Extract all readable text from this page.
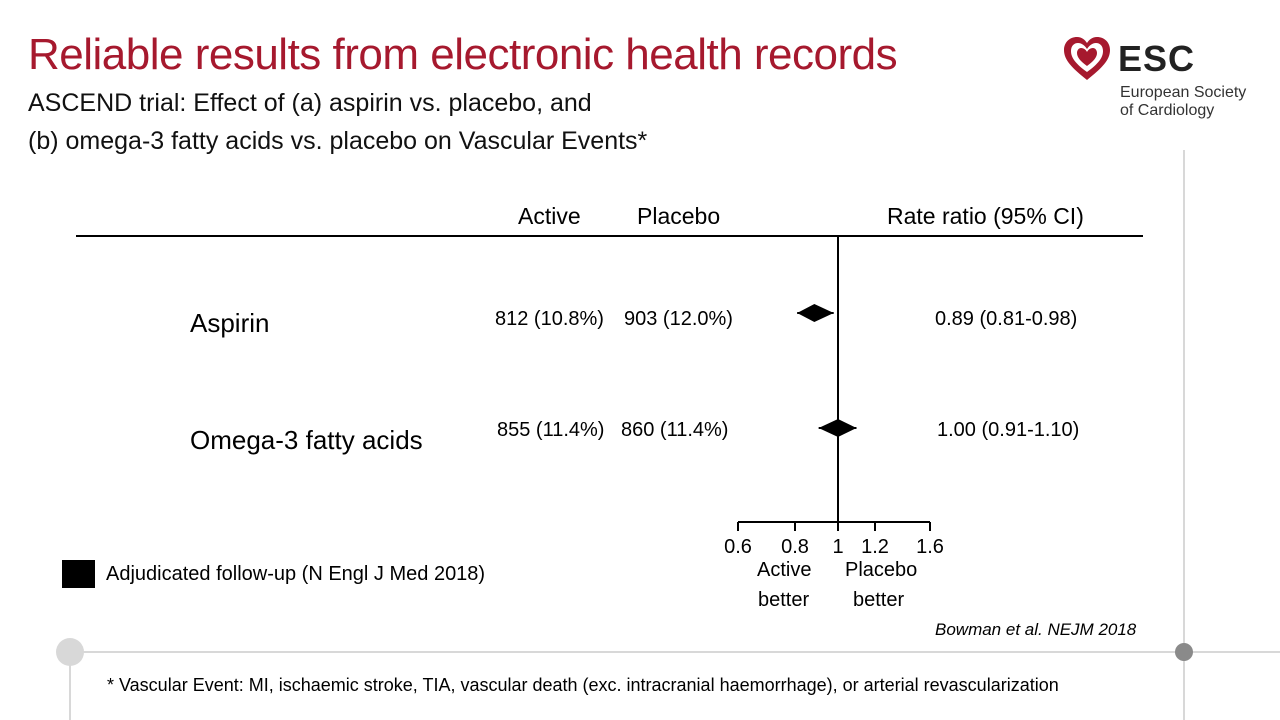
Reliable results from electronic health records
ASCEND trial: Effect of (a) aspirin vs. placebo, and
(b) omega-3 fatty acids vs. placebo on Vascular Events*
ESC
European Society
of Cardiology
Active Placebo	Rate ratio (95% CI)
Aspirin	812 (10.8%) 903 (12.0%)	0.89 (0.81-0.98)
Omega-3 fatty acids	855 (11.4%) 860 (11.4%)	1.00 (0.91-1.10)
0.6 0.8 1 1.2 1.6
Active
better
Placebo
better
Adjudicated follow-up (N Engl J Med 2018)
Bowman et al. NEJM 2018
* Vascular Event: MI, ischaemic stroke, TIA, vascular death (exc. intracranial haemorrhage), or arterial revascularization
